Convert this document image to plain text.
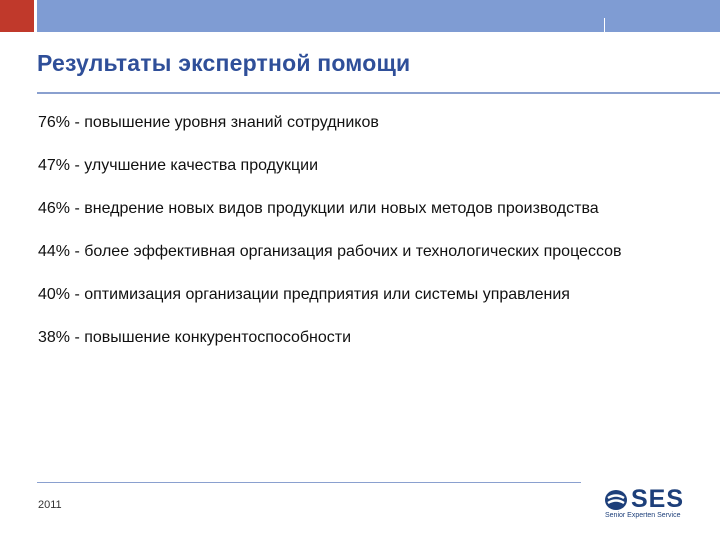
Результаты экспертной помощи
76% - повышение уровня знаний сотрудников
47% - улучшение качества продукции
46% - внедрение новых видов продукции или новых методов производства
44% - более эффективная организация рабочих и технологических процессов
40% - оптимизация организации предприятия или системы управления
38% - повышение конкурентоспособности
2011	SES
Senior Experten Service
